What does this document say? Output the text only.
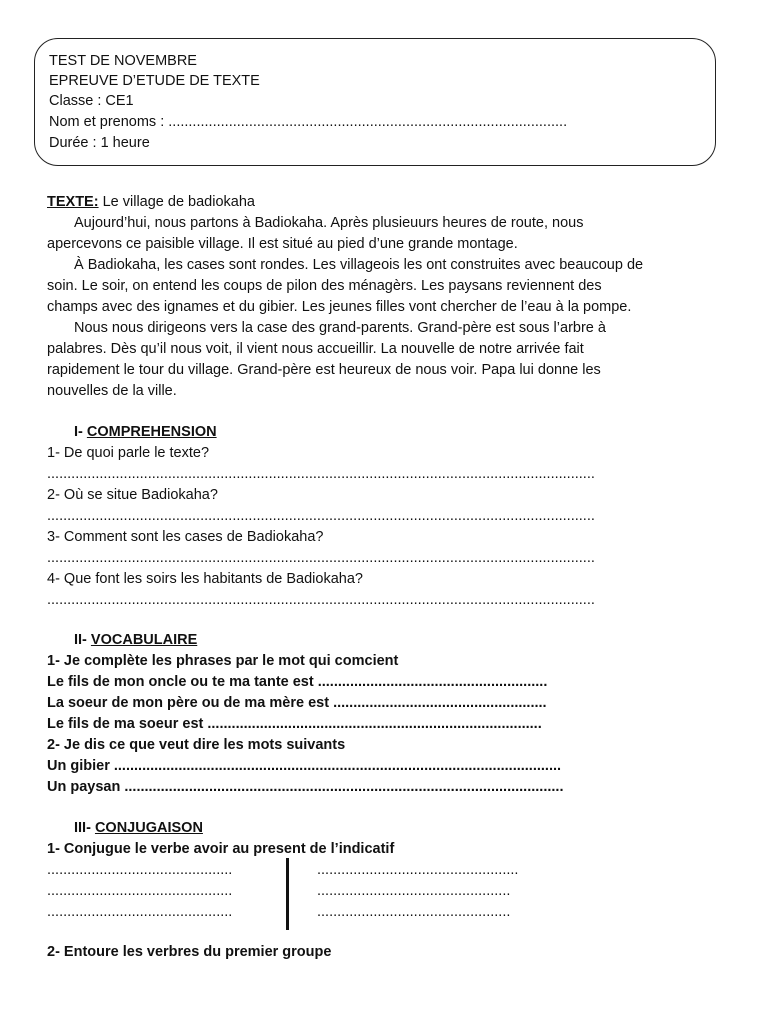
TEST DE NOVEMBRE
EPREUVE D’ETUDE DE TEXTE
Classe : CE1
Nom et prenoms : ...................................................................................................
Durée : 1 heure
TEXTE: Le village de badiokaha
Aujourd’hui, nous partons à Badiokaha. Après plusieuurs heures de route, nous
apercevons ce paisible village. Il est situé au pied d’une grande montage.
À Badiokaha, les cases sont rondes. Les villageois les ont construites avec beaucoup de
soin. Le soir, on entend les coups de pilon des ménagèrs. Les paysans reviennent des
champs avec des ignames et du gibier. Les jeunes filles vont chercher de l’eau à la pompe.
Nous nous dirigeons vers la case des grand-parents. Grand-père est sous l’arbre à
palabres. Dès qu’il nous voit, il vient nous accueillir. La nouvelle de notre arrivée fait
rapidement le tour du village. Grand-père est heureux de nous voir. Papa lui donne les
nouvelles de la ville.
I- COMPREHENSION
1- De quoi parle le texte?
........................................................................................................................................
2- Où se situe Badiokaha?
........................................................................................................................................
3- Comment sont les cases de Badiokaha?
........................................................................................................................................
4- Que font les soirs les habitants de Badiokaha?
........................................................................................................................................
II- VOCABULAIRE
1- Je complète les phrases par le mot qui comcient
Le fils de mon oncle ou te ma tante est .........................................................
La soeur de mon père ou de ma mère est .....................................................
Le fils de ma soeur est ...................................................................................
2- Je dis ce que veut dire les mots suivants
Un gibier ...............................................................................................................
Un paysan .............................................................................................................
III- CONJUGAISON
1- Conjugue le verbe avoir au present de l’indicatif
..............................................
..............................................
..............................................
..................................................
................................................
................................................
2- Entoure les verbres du premier groupe
